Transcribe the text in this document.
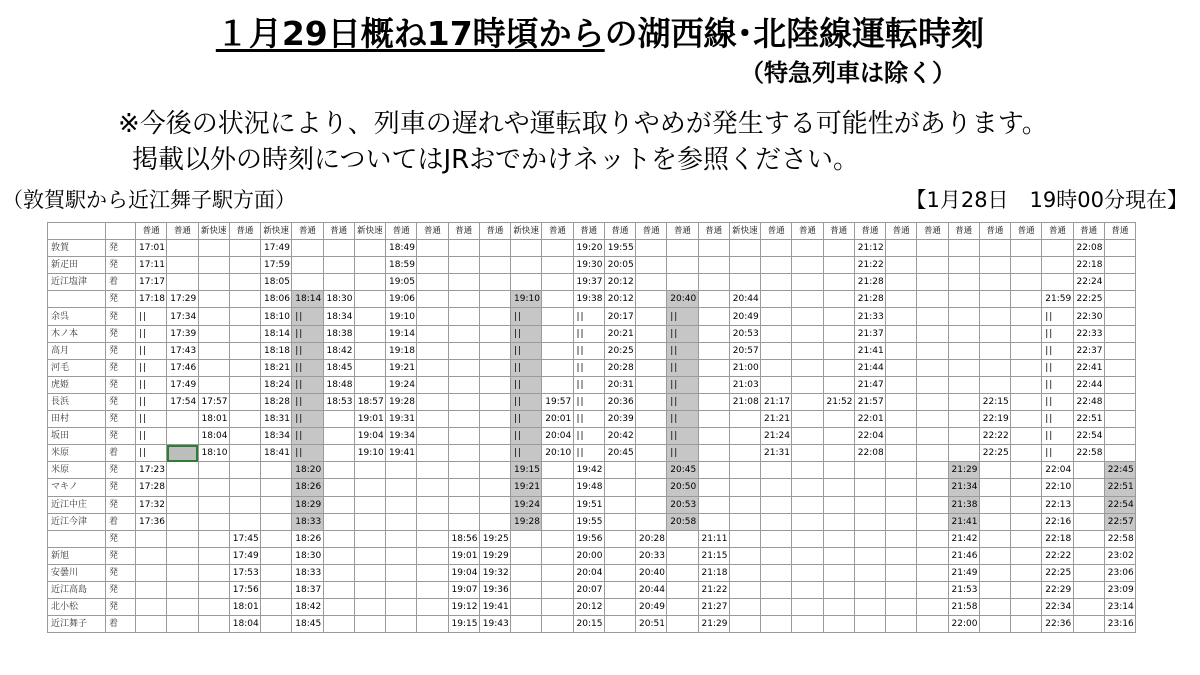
１月29日概ね17時頃からの湖西線･北陸線運転時刻
（特急列車は除く）
※今後の状況により、列車の遅れや運転取りやめが発生する可能性があります。
掲載以外の時刻についてはJRおでかけネットを参照ください。
（敦賀駅から近江舞子駅方面）	【1月28日　19時00分現在】
		普通	普通	新快速	普通	新快速	普通	普通	新快速	普通	普通	普通	普通	新快速	普通	普通	普通	普通	普通	普通	新快速	普通	普通	普通	普通	普通	普通	普通	普通	普通	普通	普通	普通
敦賀	発	17:01				17:49				18:49						19:20	19:55								21:12							22:08	
新疋田	発	17:11				17:59				18:59						19:30	20:05								21:22							22:18	
近江塩津	着	17:17				18:05				19:05						19:37	20:12								21:28							22:24	
	発	17:18	17:29			18:06	18:14	18:30		19:06				19:10		19:38	20:12		20:40		20:44				21:28						21:59	22:25	
余呉	発	||	17:34			18:10	||	18:34		19:10				||		||	20:17		||		20:49				21:33						||	22:30	
木ノ本	発	||	17:39			18:14	||	18:38		19:14				||		||	20:21		||		20:53				21:37						||	22:33	
高月	発	||	17:43			18:18	||	18:42		19:18				||		||	20:25		||		20:57				21:41						||	22:37	
河毛	発	||	17:46			18:21	||	18:45		19:21				||		||	20:28		||		21:00				21:44						||	22:41	
虎姫	発	||	17:49			18:24	||	18:48		19:24				||		||	20:31		||		21:03				21:47						||	22:44	
長浜	発	||	17:54	17:57		18:28	||	18:53	18:57	19:28				||	19:57	||	20:36		||		21:08	21:17		21:52	21:57				22:15		||	22:48	
田村	発	||		18:01		18:31	||		19:01	19:31				||	20:01	||	20:39		||			21:21			22:01				22:19		||	22:51	
坂田	発	||		18:04		18:34	||		19:04	19:34				||	20:04	||	20:42		||			21:24			22:04				22:22		||	22:54	
米原	着	||		18:10		18:41	||		19:10	19:41				||	20:10	||	20:45		||			21:31			22:08				22:25		||	22:58	
米原	発	17:23					18:20							19:15		19:42			20:45									21:29			22:04		22:45
マキノ	発	17:28					18:26							19:21		19:48			20:50									21:34			22:10		22:51
近江中庄	発	17:32					18:29							19:24		19:51			20:53									21:38			22:13		22:54
近江今津	着	17:36					18:33							19:28		19:55			20:58									21:41			22:16		22:57
	発				17:45		18:26					18:56	19:25			19:56		20:28		21:11								21:42			22:18		22:58
新旭	発				17:49		18:30					19:01	19:29			20:00		20:33		21:15								21:46			22:22		23:02
安曇川	発				17:53		18:33					19:04	19:32			20:04		20:40		21:18								21:49			22:25		23:06
近江高島	発				17:56		18:37					19:07	19:36			20:07		20:44		21:22								21:53			22:29		23:09
北小松	発				18:01		18:42					19:12	19:41			20:12		20:49		21:27								21:58			22:34		23:14
近江舞子	着				18:04		18:45					19:15	19:43			20:15		20:51		21:29								22:00			22:36		23:16
